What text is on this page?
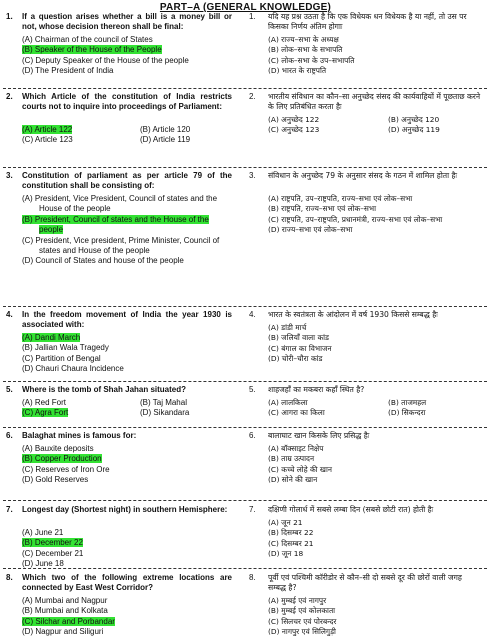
PART–A (GENERAL KNOWLEDGE)
1. If a question arises whether a bill is a money bill or not, whose decision thereon shall be final:
(A) Chairman of the council of States
(B) Speaker of the House of the People
(C) Deputy Speaker of the House of the people
(D) The President of India
1. यदि यह प्रश्न उठता है कि एक विधेयक धन विधेयक है या नहीं, तो उस पर किसका निर्णय अंतिम होगाः
(A) राज्य–सभा के अध्यक्ष
(B) लोक–सभा के सभापति
(C) लोक–सभा के उप–सभापति
(D) भारत के राष्ट्रपति
2. Which Article of the constitution of India restricts courts not to inquire into proceedings of Parliament:
(A) Article 122	(B) Article 120
(C) Article 123	(D) Article 119
2. भारतीय संविधान का कौन–सा अनुच्छेद संसद की कार्यवाहियों में पूछताछ करने के लिए प्रतिबंधित करता हैः
(A) अनुच्छेद 122	(B) अनुच्छेद 120
(C) अनुच्छेद 123	(D) अनुच्छेद 119
3. Constitution of parliament as per article 79 of the constitution shall be consisting of:
(A) President, Vice President, Council of states and the House of the people
(B) President, Council of states and the House of the people
(C) President, Vice president, Prime Minister, Council of states and House of the people
(D) Council of States and house of the people
3. संविधान के अनुच्छेद 79 के अनुसार संसद के गठन में शामिल होता हैः
(A) राष्ट्रपति, उप–राष्ट्रपति, राज्य–सभा एवं लोक–सभा
(B) राष्ट्रपति, राज्य–सभा एवं लोक–सभा
(C) राष्ट्रपति, उप–राष्ट्रपति, प्रधानमंत्री, राज्य–सभा एवं लोक–सभा
(D) राज्य–सभा एवं लोक–सभा
4. In the freedom movement of India the year 1930 is associated with:
(A) Dandi March
(B) Jallian Wala Tragedy
(C) Partition of Bengal
(D) Chauri Chaura Incidence
4. भारत के स्वतंत्रता के आंदोलन में वर्ष 1930 किससे सम्बद्ध हैः
(A) डांडी मार्च
(B) जलियाँ वाला कांड
(C) बंगाल का विभाजन
(D) चोरी–चौरा कांड
5. Where is the tomb of Shah Jahan situated?
(A) Red Fort	(B) Taj Mahal
(C) Agra Fort	(D) Sikandara
5. शाहजहाँ का मकबरा कहाँ स्थित है?
(A) लालकिला	(B) ताजमहल
(C) आगरा का किला	(D) सिकन्दरा
6. Balaghat mines is famous for:
(A) Bauxite deposits
(B) Copper Production
(C) Reserves of Iron Ore
(D) Gold Reserves
6. बालाघाट खान किसके लिए प्रसिद्ध हैः
(A) बॉक्साइट निक्षेप
(B) ताम्र उत्पादन
(C) कच्चे लोहे की खान
(D) सोने की खान
7. Longest day (Shortest night) in southern Hemisphere:
(A) June 21
(B) December 22
(C) December 21
(D) June 18
7. दक्षिणी गोलार्ध में सबसे लम्बा दिन (सबसे छोटी रात) होती हैः
(A) जून 21
(B) दिसम्बर 22
(C) दिसम्बर 21
(D) जून 18
8. Which two of the following extreme locations are connected by East West Corridor?
(A) Mumbai and Nagpur
(B) Mumbai and Kolkata
(C) Silchar and Porbandar
(D) Nagpur and Siliguri
8. पूर्वी एवं पश्चिमी कॉरीडोर से कौन–सी दो सबसे दूर की छोरों वाली जगह सम्बद्ध है?
(A) मुम्बई एवं नागपुर
(B) मुम्बई एवं कोलकाता
(C) सिलचर एवं पोरबन्दर
(D) नागपुर एवं सिलिगुड़ी
